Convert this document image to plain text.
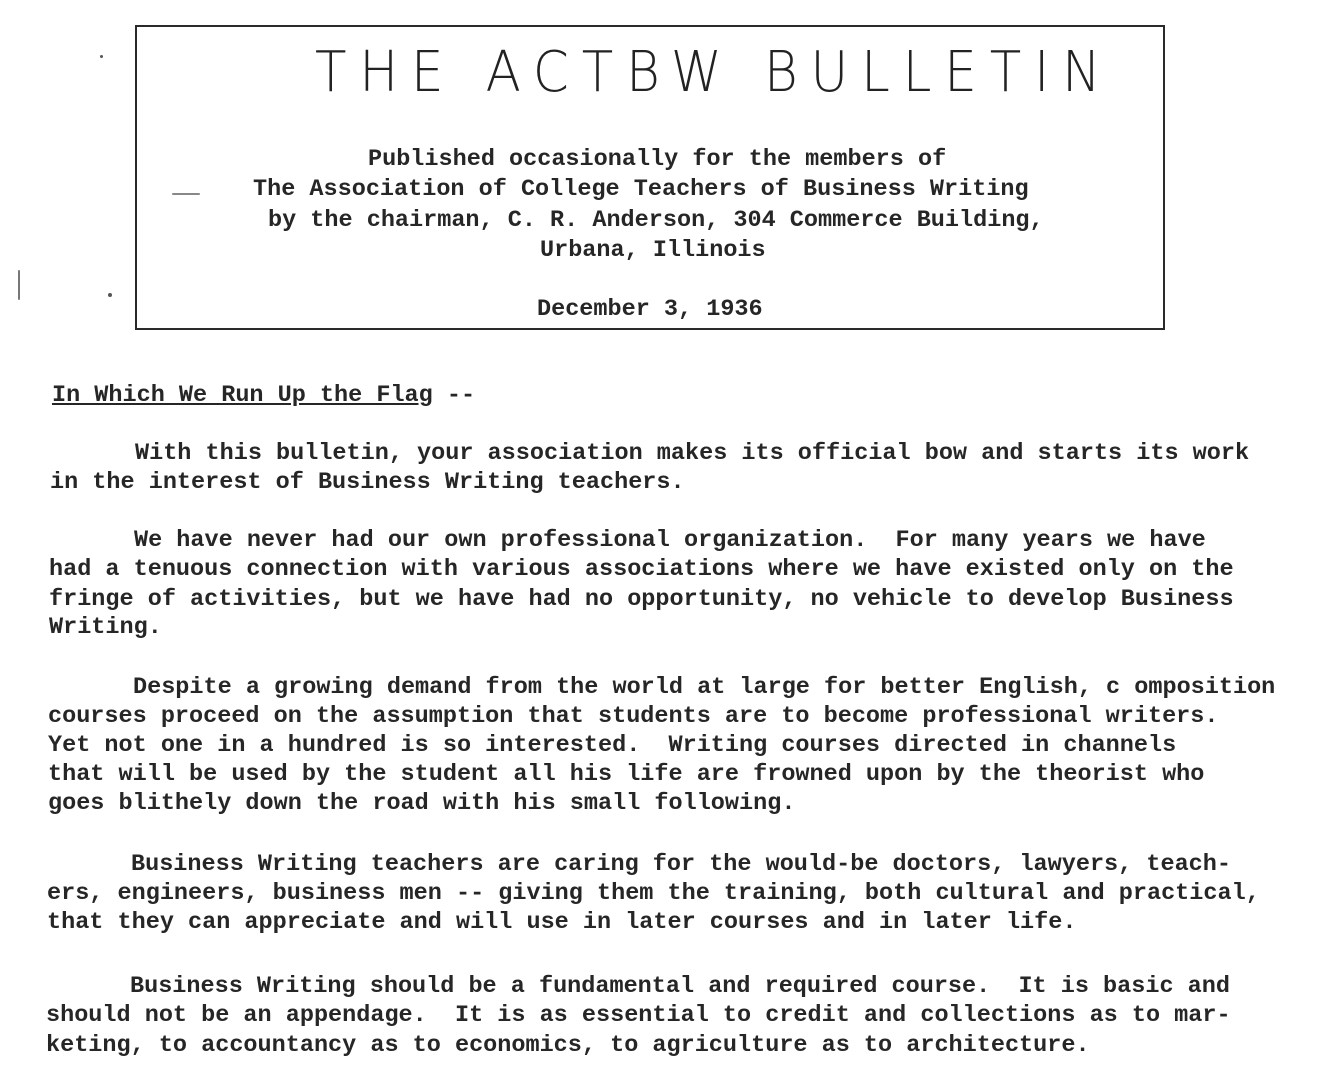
THE ACTBW BULLETIN
Published occasionally for the members of
The Association of College Teachers of Business Writing
by the chairman, C. R. Anderson, 304 Commerce Building,
Urbana, Illinois
December 3, 1936
In Which We Run Up the Flag --
With this bulletin, your association makes its official bow and starts its work
in the interest of Business Writing teachers.
We have never had our own professional organization.  For many years we have
had a tenuous connection with various associations where we have existed only on the
fringe of activities, but we have had no opportunity, no vehicle to develop Business
Writing.
Despite a growing demand from the world at large for better English, c omposition
courses proceed on the assumption that students are to become professional writers.
Yet not one in a hundred is so interested.  Writing courses directed in channels
that will be used by the student all his life are frowned upon by the theorist who
goes blithely down the road with his small following.
Business Writing teachers are caring for the would-be doctors, lawyers, teach-
ers, engineers, business men -- giving them the training, both cultural and practical,
that they can appreciate and will use in later courses and in later life.
Business Writing should be a fundamental and required course.  It is basic and
should not be an appendage.  It is as essential to credit and collections as to mar-
keting, to accountancy as to economics, to agriculture as to architecture.
